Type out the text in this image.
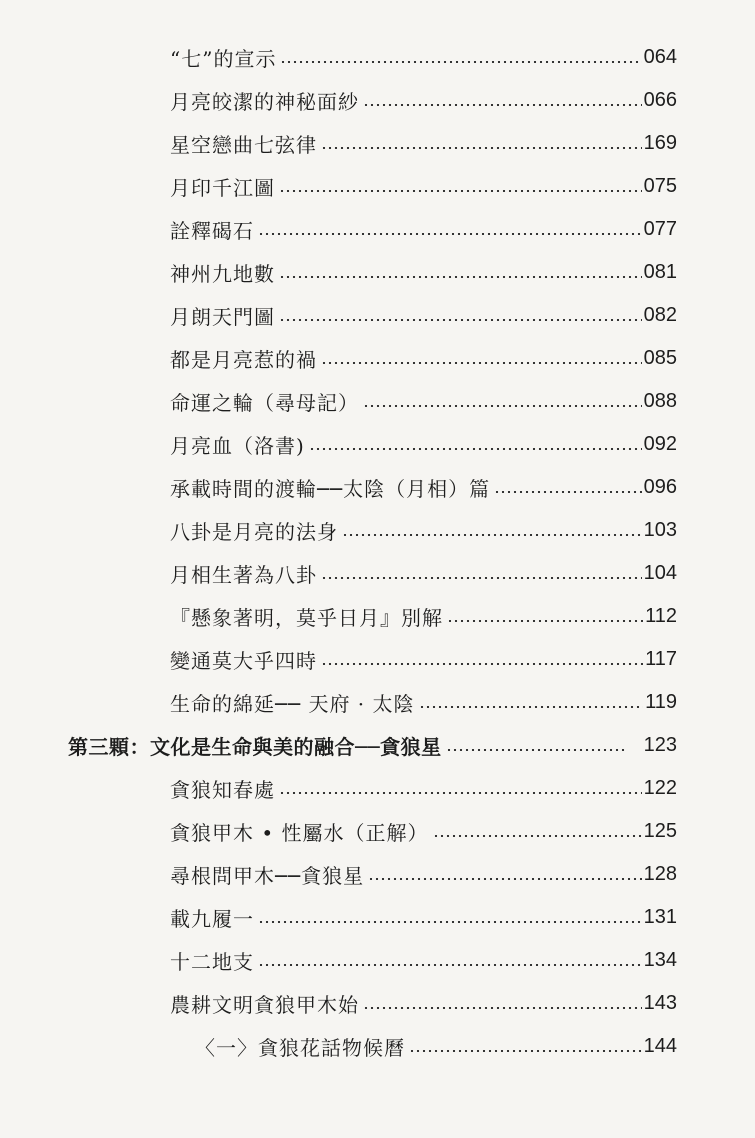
“七”的宣示	064
月亮皎潔的神秘面紗	066
星空戀曲七弦律	169
月印千江圖	075
詮釋碣石	077
神州九地數	081
月朗天門圖	082
都是月亮惹的禍	085
命運之輪（尋母記）	088
月亮血（洛書)	092
承載時間的渡輪──太陰（月相）篇	096
八卦是月亮的法身	103
月相生著為八卦	104
『懸象著明，莫乎日月』別解	112
變通莫大乎四時	117
生命的綿延── 天府 · 太陰	119
第三顆：文化是生命與美的融合──貪狼星	123
貪狼知春處	122
貪狼甲木 • 性屬水（正解）	125
尋根問甲木──貪狼星	128
載九履一	131
十二地支	134
農耕文明貪狼甲木始	143
〈一〉貪狼花話物候曆	144
